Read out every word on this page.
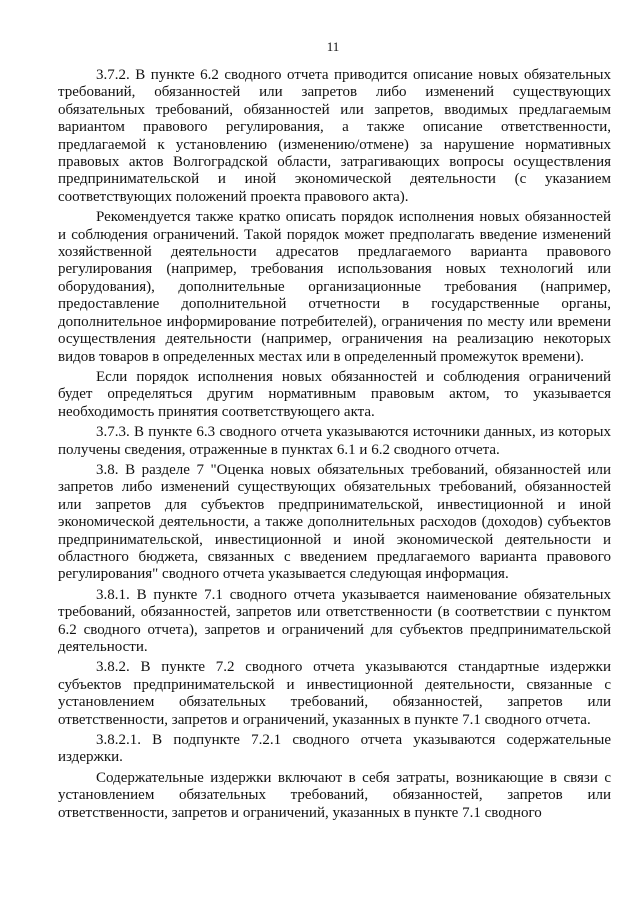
11

3.7.2. В пункте 6.2 сводного отчета приводится описание новых обязательных требований, обязанностей или запретов либо изменений существующих обязательных требований, обязанностей или запретов, вводимых предлагаемым вариантом правового регулирования, а также описание ответственности, предлагаемой к установлению (изменению/отмене) за нарушение нормативных правовых актов Волгоградской области, затрагивающих вопросы осуществления предпринимательской и иной экономической деятельности (с указанием соответствующих положений проекта правового акта).

Рекомендуется также кратко описать порядок исполнения новых обязанностей и соблюдения ограничений. Такой порядок может предполагать введение изменений хозяйственной деятельности адресатов предлагаемого варианта правового регулирования (например, требования использования новых технологий или оборудования), дополнительные организационные требования (например, предоставление дополнительной отчетности в государственные органы, дополнительное информирование потребителей), ограничения по месту или времени осуществления деятельности (например, ограничения на реализацию некоторых видов товаров в определенных местах или в определенный промежуток времени).

Если порядок исполнения новых обязанностей и соблюдения ограничений будет определяться другим нормативным правовым актом, то указывается необходимость принятия соответствующего акта.

3.7.3. В пункте 6.3 сводного отчета указываются источники данных, из которых получены сведения, отраженные в пунктах 6.1 и 6.2 сводного отчета.

3.8. В разделе 7 "Оценка новых обязательных требований, обязанностей или запретов либо изменений существующих обязательных требований, обязанностей или запретов для субъектов предпринимательской, инвестиционной и иной экономической деятельности, а также дополнительных расходов (доходов) субъектов предпринимательской, инвестиционной и иной экономической деятельности и областного бюджета, связанных с введением предлагаемого варианта правового регулирования" сводного отчета указывается следующая информация.

3.8.1. В пункте 7.1 сводного отчета указывается наименование обязательных требований, обязанностей, запретов или ответственности (в соответствии с пунктом 6.2 сводного отчета), запретов и ограничений для субъектов предпринимательской деятельности.

3.8.2. В пункте 7.2 сводного отчета указываются стандартные издержки субъектов предпринимательской и инвестиционной деятельности, связанные с установлением обязательных требований, обязанностей, запретов или ответственности, запретов и ограничений, указанных в пункте 7.1 сводного отчета.

3.8.2.1. В подпункте 7.2.1 сводного отчета указываются содержательные издержки.

Содержательные издержки включают в себя затраты, возникающие в связи с установлением обязательных требований, обязанностей, запретов или ответственности, запретов и ограничений, указанных в пункте 7.1 сводного
